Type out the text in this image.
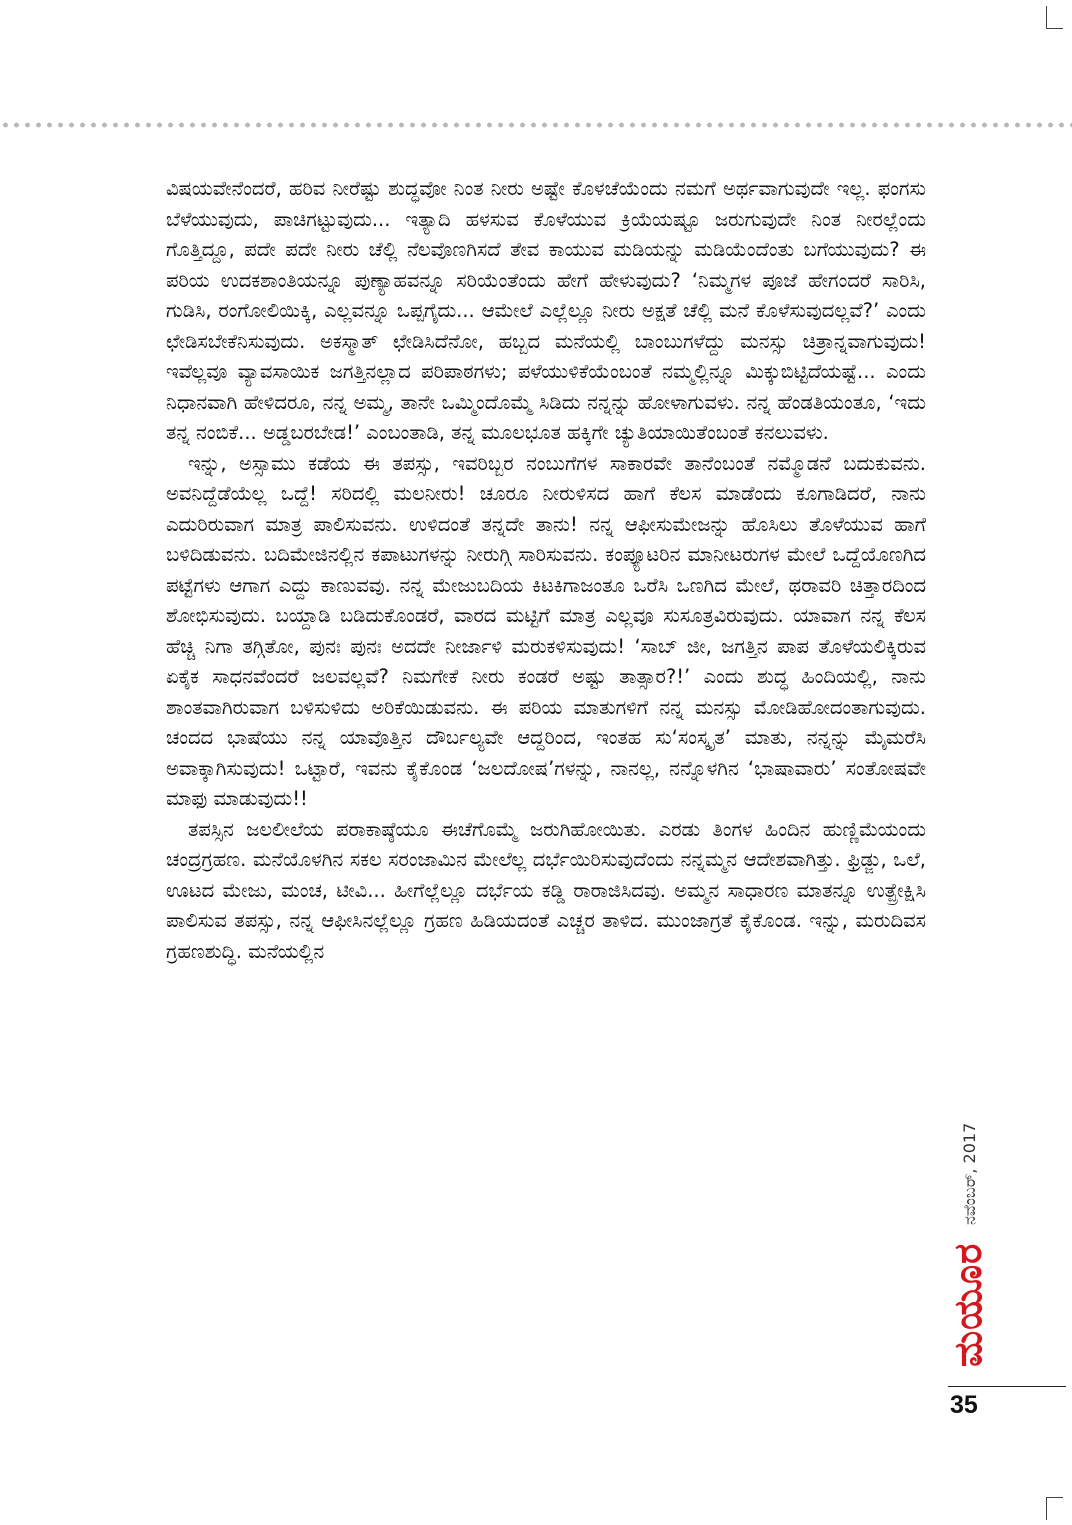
ವಿಷಯವೇನೆಂದರೆ, ಹರಿವ ನೀರೆಷ್ಟು ಶುದ್ಧವೋ ನಿಂತ ನೀರು ಅಷ್ಟೇ ಕೊಳಚೆಯೆಂದು ನಮಗೆ ಅರ್ಥವಾಗುವುದೇ ಇಲ್ಲ. ಫಂಗಸು ಬೆಳೆಯುವುದು, ಪಾಚಿಗಟ್ಟುವುದು... ಇತ್ಯಾದಿ ಹಳಸುವ ಕೊಳೆಯುವ ಕ್ರಿಯೆಯಷ್ಟೂ ಜರುಗುವುದೇ ನಿಂತ ನೀರಲ್ಲೆಂದು ಗೊತ್ತಿದ್ದೂ, ಪದೇ ಪದೇ ನೀರು ಚೆಲ್ಲಿ ನೆಲವೊಣಗಿಸದೆ ತೇವ ಕಾಯುವ ಮಡಿಯನ್ನು ಮಡಿಯೆಂದೆಂತು ಬಗೆಯುವುದು? ಈ ಪರಿಯ ಉದಕಶಾಂತಿಯನ್ನೂ ಪುಣ್ಯಾಹವನ್ನೂ ಸರಿಯೆಂತೆಂದು ಹೇಗೆ ಹೇಳುವುದು? ‘ನಿಮ್ಮಗಳ ಪೂಜೆ ಹೇಗಂದರೆ ಸಾರಿಸಿ, ಗುಡಿಸಿ, ರಂಗೋಲಿಯಿಕ್ಕಿ, ಎಲ್ಲವನ್ನೂ ಒಪ್ಪಗೈದು... ಆಮೇಲೆ ಎಲ್ಲೆಲ್ಲೂ ನೀರು ಅಕ್ಷತೆ ಚೆಲ್ಲಿ ಮನೆ ಕೊಳೆಸುವುದಲ್ಲವೆ?’ ಎಂದು ಛೇಡಿಸಬೇಕೆನಿಸುವುದು. ಅಕಸ್ಮಾತ್ ಛೇಡಿಸಿದೆನೋ, ಹಬ್ಬದ ಮನೆಯಲ್ಲಿ ಬಾಂಬುಗಳೆದ್ದು ಮನಸ್ಸು ಚಿತ್ರಾನ್ನವಾಗುವುದು! ಇವೆಲ್ಲವೂ ವ್ಯಾವಸಾಯಿಕ ಜಗತ್ತಿನಲ್ಲಾದ ಪರಿಪಾಠಗಳು; ಪಳೆಯುಳಿಕೆಯೆಂಬಂತೆ ನಮ್ಮಲ್ಲಿನ್ನೂ ಮಿಕ್ಕುಬಿಟ್ಟಿದೆಯಷ್ಟೆ... ಎಂದು ನಿಧಾನವಾಗಿ ಹೇಳಿದರೂ, ನನ್ನ ಅಮ್ಮ, ತಾನೇ ಒಮ್ಮಿಂದೊಮ್ಮೆ ಸಿಡಿದು ನನ್ನನ್ನು ಹೋಳಾಗುವಳು. ನನ್ನ ಹೆಂಡತಿಯಂತೂ, ‘ಇದು ತನ್ನ ನಂಬಿಕೆ... ಅಡ್ಡಬರಬೇಡ!’ ಎಂಬಂತಾಡಿ, ತನ್ನ ಮೂಲಭೂತ ಹಕ್ಕಿಗೇ ಚ್ಯುತಿಯಾಯಿತೆಂಬಂತೆ ಕನಲುವಳು.

ಇನ್ನು, ಅಸ್ಸಾಮು ಕಡೆಯ ಈ ತಪಸ್ಸು, ಇವರಿಬ್ಬರ ನಂಬುಗೆಗಳ ಸಾಕಾರವೇ ತಾನೆಂಬಂತೆ ನಮ್ಮೊಡನೆ ಬದುಕುವನು. ಅವನಿದ್ದೆಡೆಯೆಲ್ಲ ಒದ್ದೆ! ಸರಿದಲ್ಲಿ ಮಲನೀರು! ಚೂರೂ ನೀರುಳಿಸದ ಹಾಗೆ ಕೆಲಸ ಮಾಡೆಂದು ಕೂಗಾಡಿದರೆ, ನಾನು ಎದುರಿರುವಾಗ ಮಾತ್ರ ಪಾಲಿಸುವನು. ಉಳಿದಂತೆ ತನ್ನದೇ ತಾನು! ನನ್ನ ಆಫೀಸುಮೇಜನ್ನು ಹೊಸಿಲು ತೊಳೆಯುವ ಹಾಗೆ ಬಳಿದಿಡುವನು. ಬದಿಮೇಜಿನಲ್ಲಿನ ಕಪಾಟುಗಳನ್ನು ನೀರುಗ್ಗಿ ಸಾರಿಸುವನು. ಕಂಪ್ಯೂಟರಿನ ಮಾನೀಟರುಗಳ ಮೇಲೆ ಒದ್ದೆಯೊಣಗಿದ ಪಟ್ಟೆಗಳು ಆಗಾಗ ಎದ್ದು ಕಾಣುವವು. ನನ್ನ ಮೇಜುಬದಿಯ ಕಿಟಕಿಗಾಜಂತೂ ಒರೆಸಿ ಒಣಗಿದ ಮೇಲೆ, ಥರಾವರಿ ಚಿತ್ತಾರದಿಂದ ಶೋಭಿಸುವುದು. ಬಯ್ದಾಡಿ ಬಡಿದುಕೊಂಡರೆ, ವಾರದ ಮಟ್ಟಿಗೆ ಮಾತ್ರ ಎಲ್ಲವೂ ಸುಸೂತ್ರವಿರುವುದು. ಯಾವಾಗ ನನ್ನ ಕೆಲಸ ಹೆಚ್ಚಿ ನಿಗಾ ತಗ್ಗಿತೋ, ಪುನಃ ಪುನಃ ಅದದೇ ನೀರ್ಜಾಳಿ ಮರುಕಳಿಸುವುದು! ‘ಸಾಬ್ ಜೀ, ಜಗತ್ತಿನ ಪಾಪ ತೊಳೆಯಲಿಕ್ಕಿರುವ ಏಕೈಕ ಸಾಧನವೆಂದರೆ ಜಲವಲ್ಲವೆ? ನಿಮಗೇಕೆ ನೀರು ಕಂಡರೆ ಅಷ್ಟು ತಾತ್ಸಾರ?!’ ಎಂದು ಶುದ್ಧ ಹಿಂದಿಯಲ್ಲಿ, ನಾನು ಶಾಂತವಾಗಿರುವಾಗ ಬಳಿಸುಳಿದು ಅರಿಕೆಯಿಡುವನು. ಈ ಪರಿಯ ಮಾತುಗಳಿಗೆ ನನ್ನ ಮನಸ್ಸು ಮೋಡಿಹೋದಂತಾಗುವುದು. ಚಂದದ ಭಾಷೆಯು ನನ್ನ ಯಾವೊತ್ತಿನ ದೌರ್ಬಲ್ಯವೇ ಆದ್ದರಿಂದ, ಇಂತಹ ಸು‘ಸಂಸ್ಕೃತ’ ಮಾತು, ನನ್ನನ್ನು ಮೈಮರೆಸಿ ಅವಾಕ್ಕಾಗಿಸುವುದು! ಒಟ್ಟಾರೆ, ಇವನು ಕೈಕೊಂಡ ‘ಜಲದೋಷ’ಗಳನ್ನು, ನಾನಲ್ಲ, ನನ್ನೊಳಗಿನ ‘ಭಾಷಾವಾರು’ ಸಂತೋಷವೇ ಮಾಫು ಮಾಡುವುದು!!

ತಪಸ್ಸಿನ ಜಲಲೀಲೆಯ ಪರಾಕಾಷ್ಠೆಯೂ ಈಚೆಗೊಮ್ಮೆ ಜರುಗಿಹೋಯಿತು. ಎರಡು ತಿಂಗಳ ಹಿಂದಿನ ಹುಣ್ಣಿಮೆಯಂದು ಚಂದ್ರಗ್ರಹಣ. ಮನೆಯೊಳಗಿನ ಸಕಲ ಸರಂಜಾಮಿನ ಮೇಲೆಲ್ಲ ದರ್ಭೆಯಿರಿಸುವುದೆಂದು ನನ್ನಮ್ಮನ ಆದೇಶವಾಗಿತ್ತು. ಫ್ರಿಡ್ಜು, ಒಲೆ, ಊಟದ ಮೇಜು, ಮಂಚ, ಟೀವಿ... ಹೀಗೆಲ್ಲೆಲ್ಲೂ ದರ್ಭೆಯ ಕಡ್ಡಿ ರಾರಾಜಿಸಿದವು. ಅಮ್ಮನ ಸಾಧಾರಣ ಮಾತನ್ನೂ ಉತ್ಪ್ರೇಕ್ಷಿಸಿ ಪಾಲಿಸುವ ತಪಸ್ಸು, ನನ್ನ ಆಫೀಸಿನಲ್ಲೆಲ್ಲೂ ಗ್ರಹಣ ಹಿಡಿಯದಂತೆ ಎಚ್ಚರ ತಾಳಿದ. ಮುಂಜಾಗ್ರತೆ ಕೈಕೊಂಡ. ಇನ್ನು, ಮರುದಿವಸ ಗ್ರಹಣಶುದ್ಧಿ. ಮನೆಯಲ್ಲಿನ

ನವೆಂಬರ್, 2017
ಮಯೂರ
35
